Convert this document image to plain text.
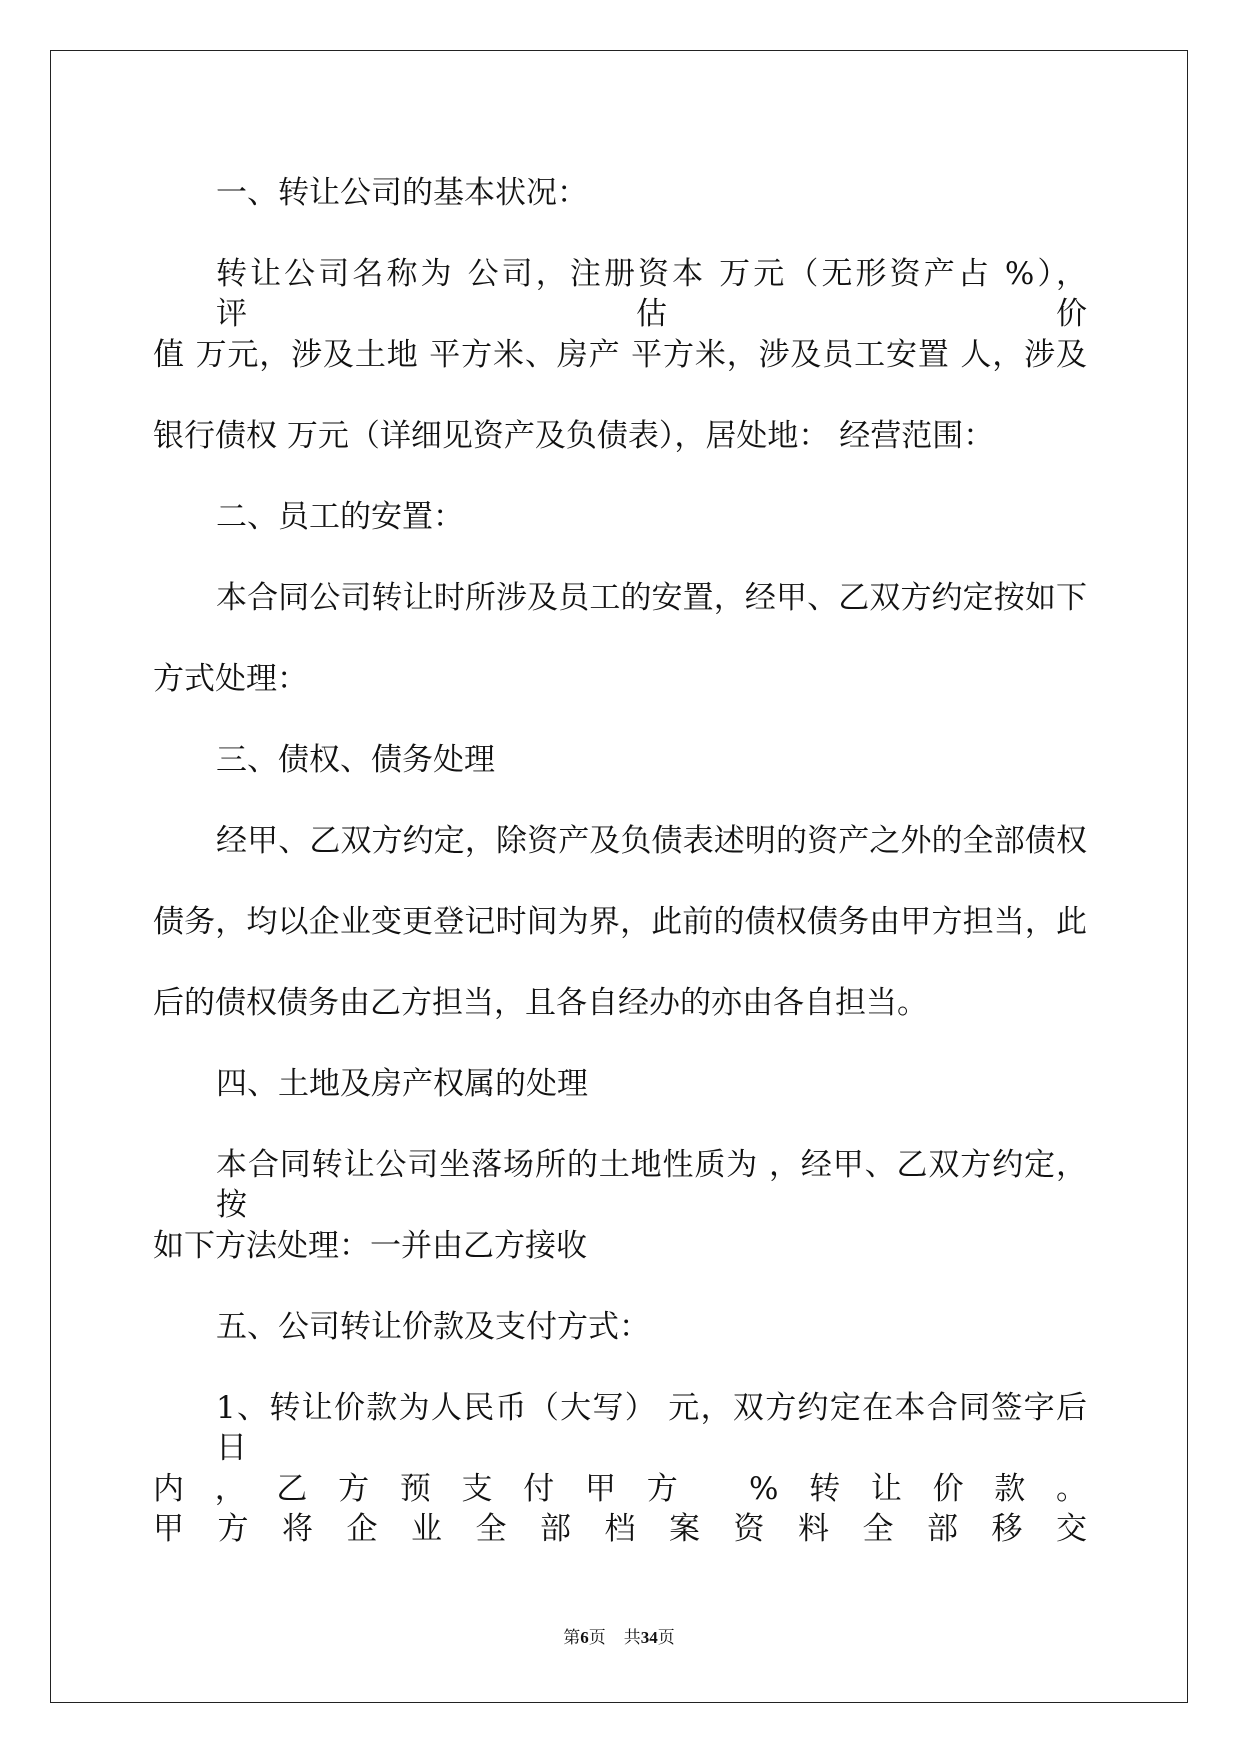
一、转让公司的基本状况：
转让公司名称为 公司，注册资本 万元（无形资产占 %），评估价
值 万元，涉及土地 平方米、房产 平方米，涉及员工安置 人，涉及
银行债权 万元（详细见资产及负债表），居处地： 经营范围：
二、员工的安置：
本合同公司转让时所涉及员工的安置，经甲、乙双方约定按如下
方式处理：
三、债权、债务处理
经甲、乙双方约定，除资产及负债表述明的资产之外的全部债权
债务，均以企业变更登记时间为界，此前的债权债务由甲方担当，此
后的债权债务由乙方担当，且各自经办的亦由各自担当。
四、土地及房产权属的处理
本合同转让公司坐落场所的土地性质为 ，经甲、乙双方约定，按
如下方法处理：一并由乙方接收
五、公司转让价款及支付方式：
1、转让价款为人民币（大写） 元，双方约定在本合同签字后 日
内，乙方预支付甲方 %转让价款。甲方将企业全部档案资料全部移交
第6页 共34页
